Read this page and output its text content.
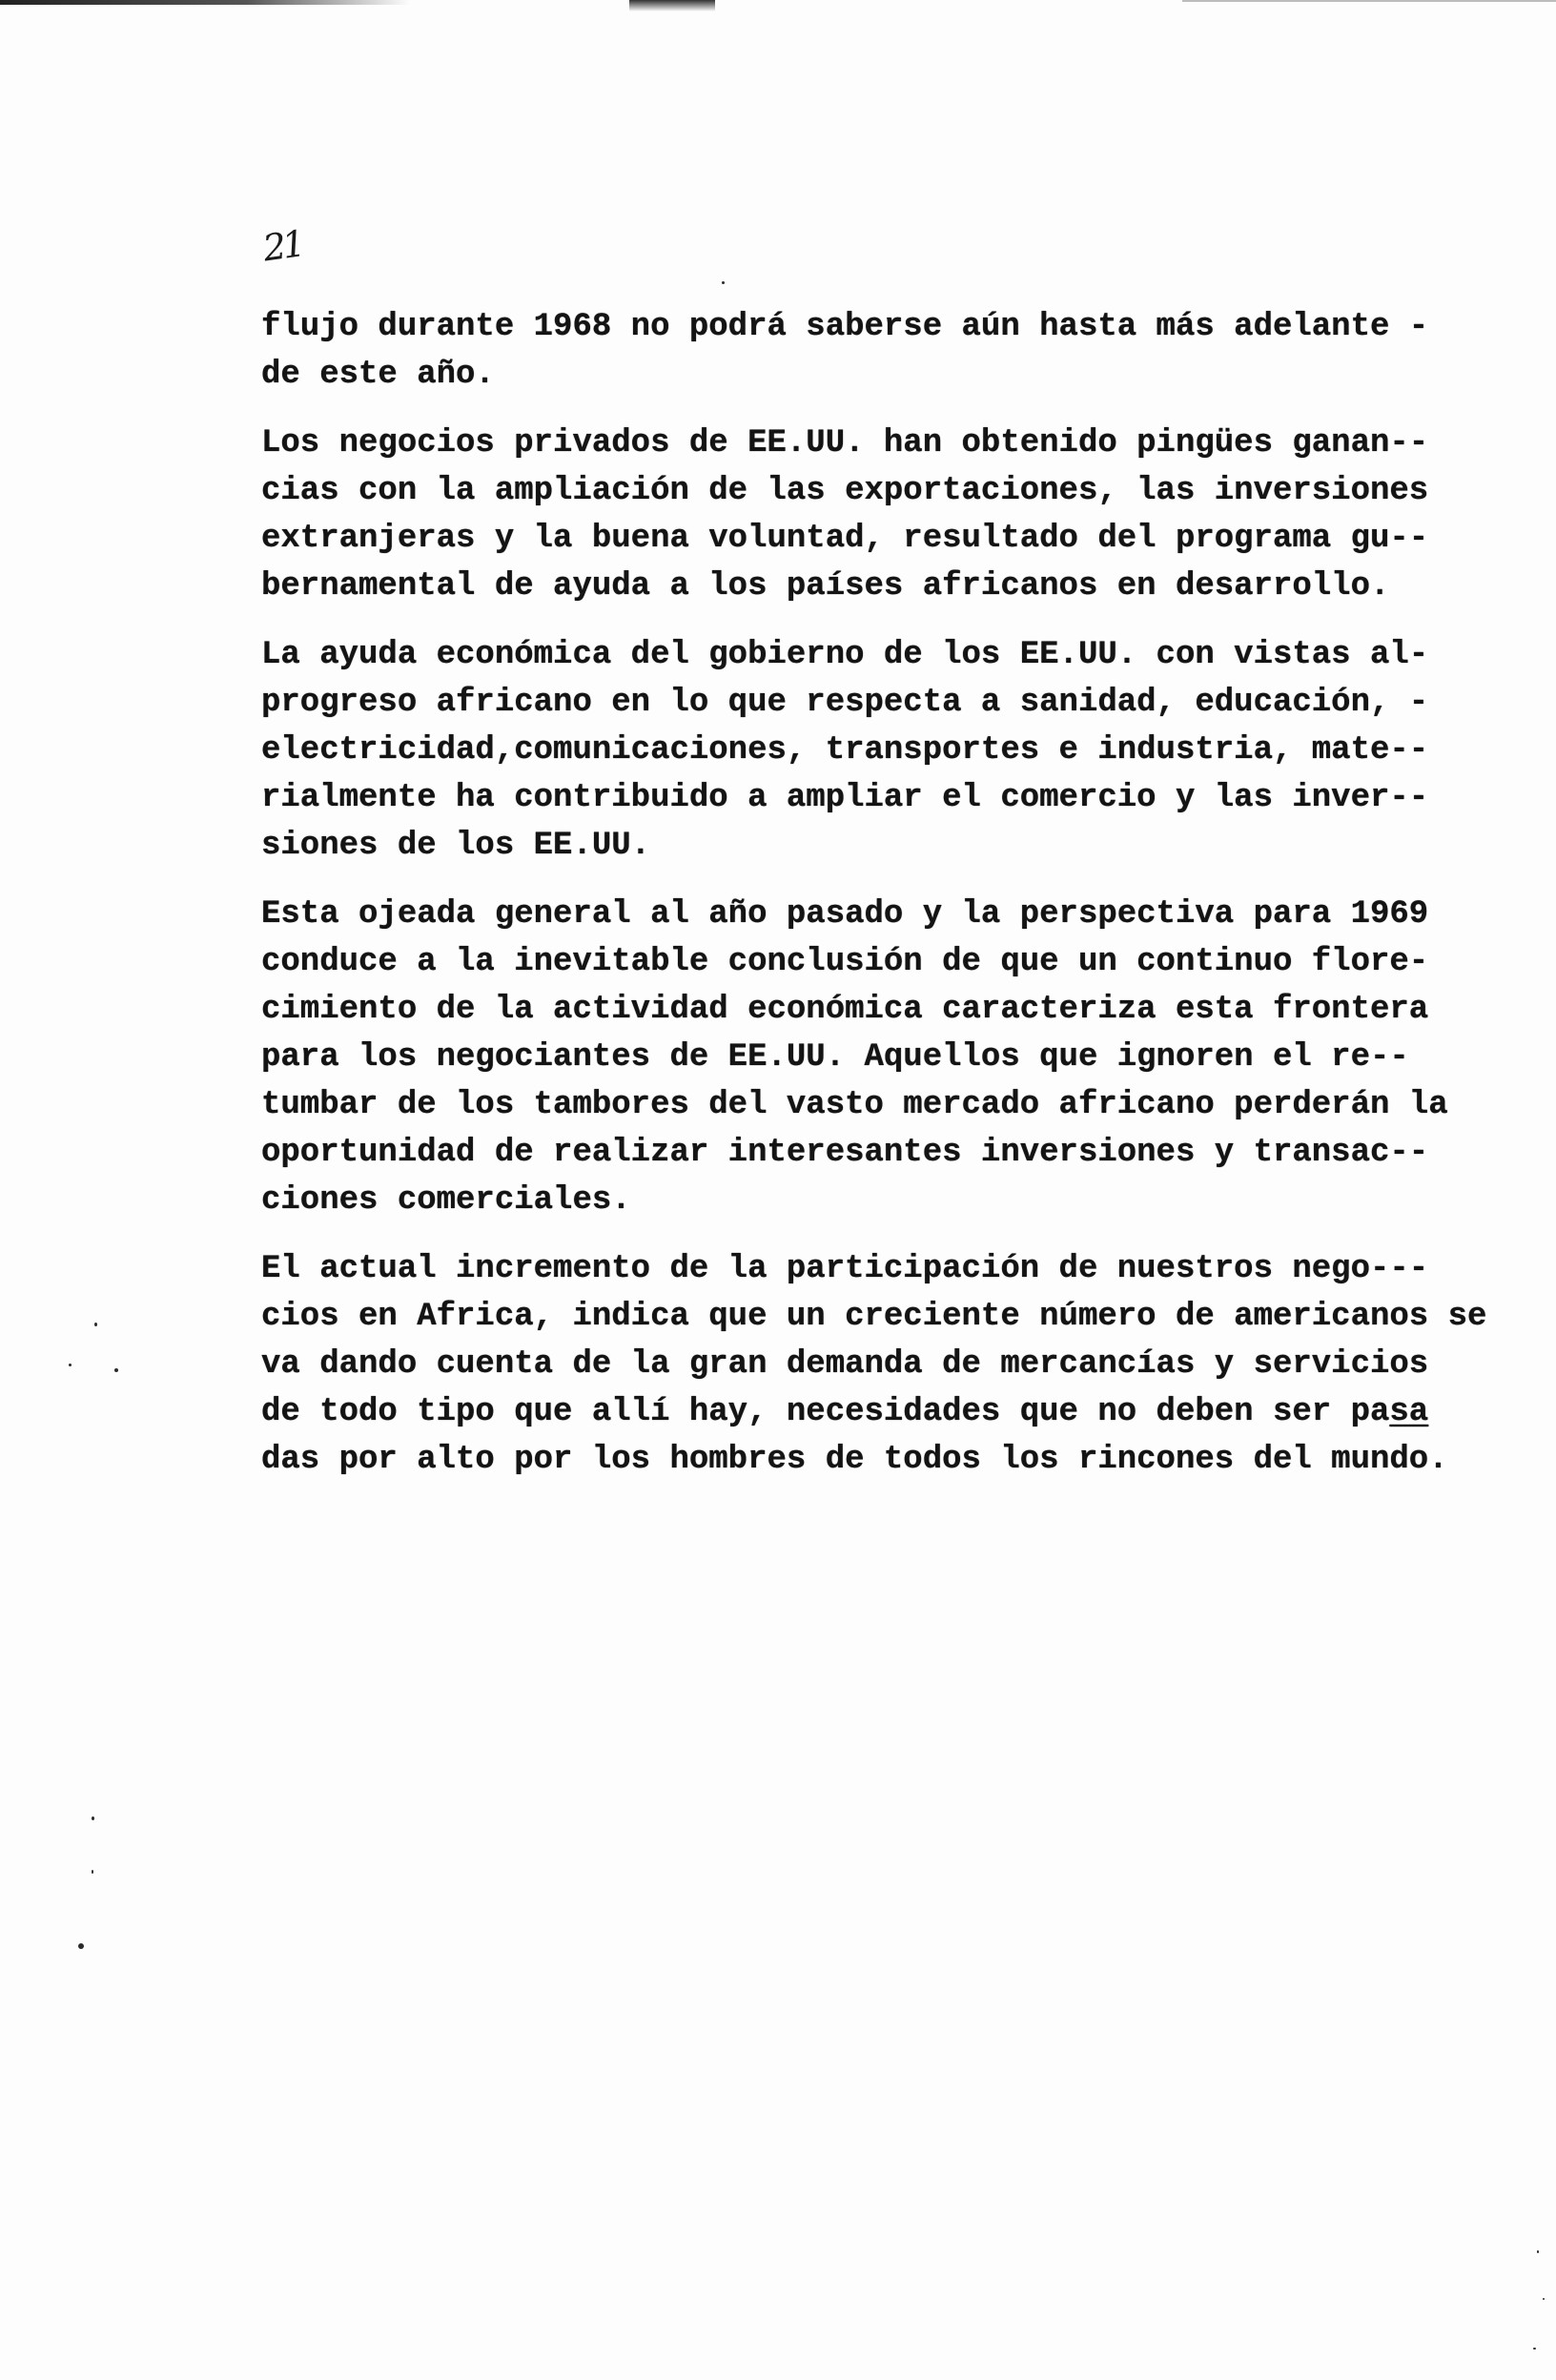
21
flujo durante 1968 no podrá saberse aún hasta más adelante -
de este año.
Los negocios privados de EE.UU. han obtenido pingües ganan--
cias con la ampliación de las exportaciones, las inversiones
extranjeras y la buena voluntad, resultado del programa gu--
bernamental de ayuda a los países africanos en desarrollo.
La ayuda económica del gobierno de los EE.UU. con vistas al-
progreso africano en lo que respecta a sanidad, educación, -
electricidad,comunicaciones, transportes e industria, mate--
rialmente ha contribuido a ampliar el comercio y las inver--
siones de los EE.UU.
Esta ojeada general al año pasado y la perspectiva para 1969
conduce a la inevitable conclusión de que un continuo flore-
cimiento de la actividad económica caracteriza esta frontera
para los negociantes de EE.UU. Aquellos que ignoren el re--
tumbar de los tambores del vasto mercado africano perderán la
oportunidad de realizar interesantes inversiones y transac--
ciones comerciales.
El actual incremento de la participación de nuestros nego---
cios en Africa, indica que un creciente número de americanos se
va dando cuenta de la gran demanda de mercancías y servicios
de todo tipo que allí hay, necesidades que no deben ser pasa
das por alto por los hombres de todos los rincones del mundo.
